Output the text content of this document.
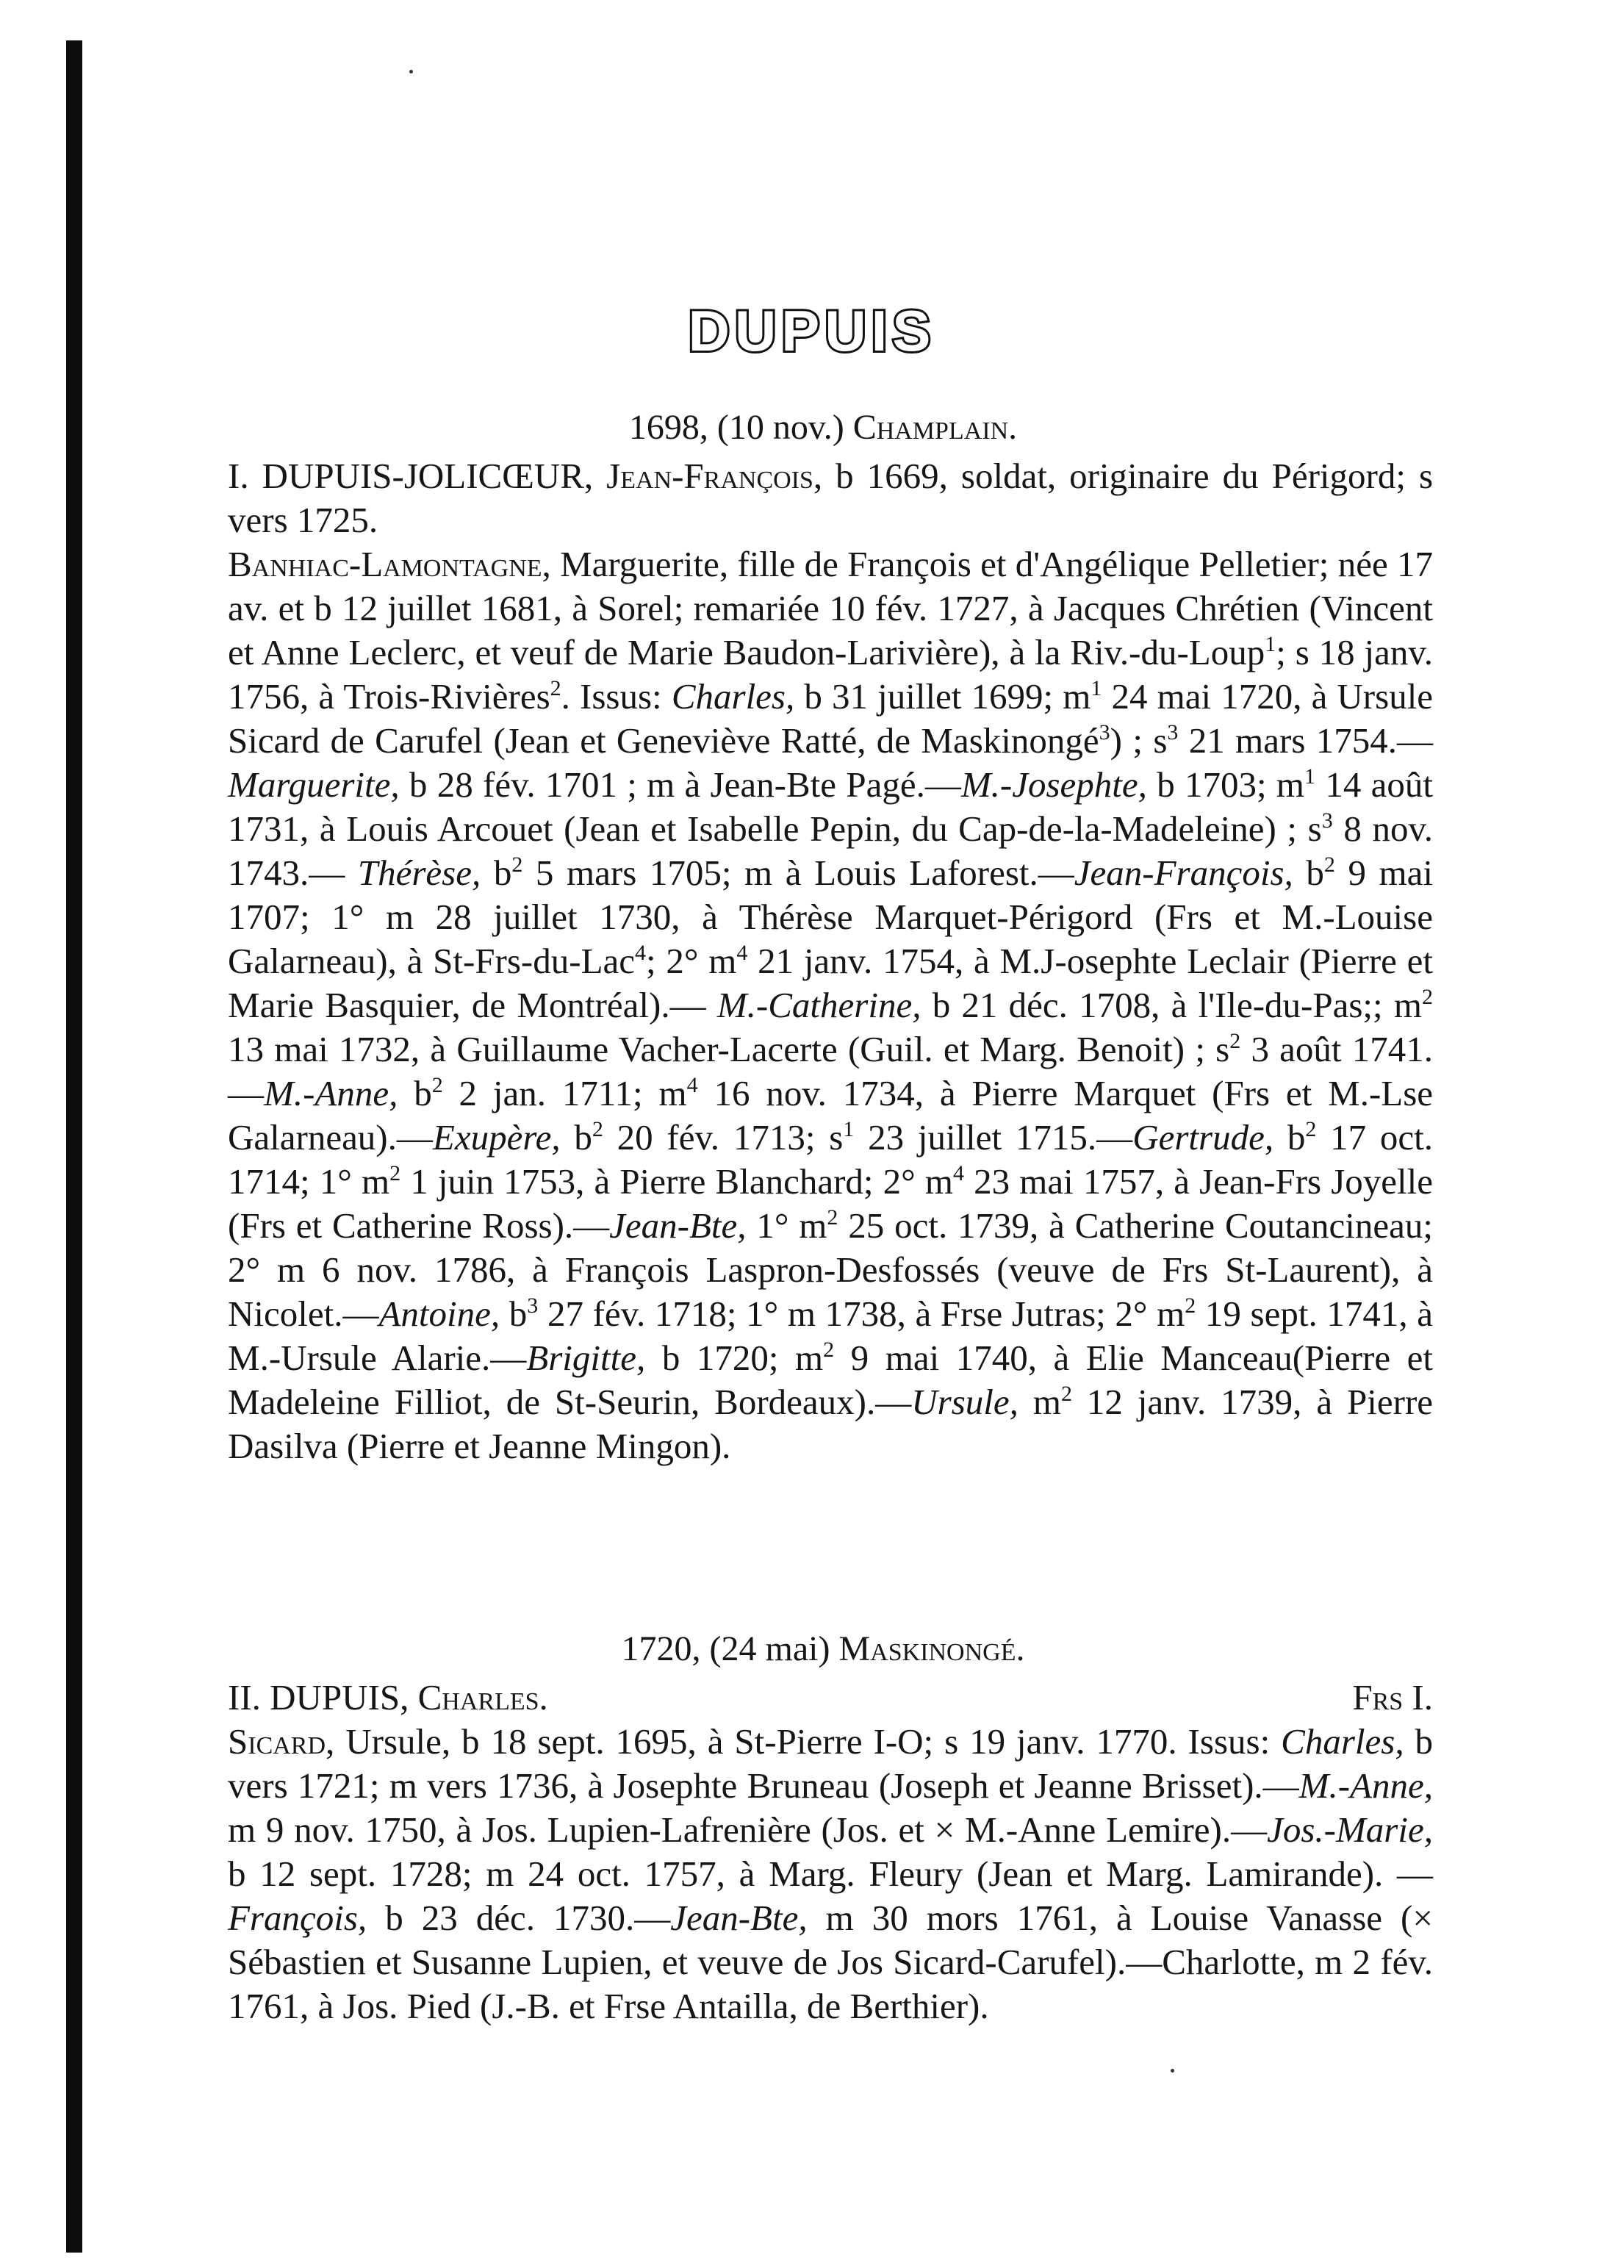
DUPUIS
1698, (10 nov.) Champlain.
I. DUPUIS-JOLICŒUR, Jean-François, b 1669, soldat, originaire du Périgord; s vers 1725.
Banhiac-Lamontagne, Marguerite, fille de François et d'Angélique Pelletier; née 17 av. et b 12 juillet 1681, à Sorel; remariée 10 fév. 1727, à Jacques Chrétien (Vincent et Anne Leclerc, et veuf de Marie Baudon-Larivière), à la Riv.-du-Loup$^1$; s 18 janv. 1756, à Trois-Rivières$^2$. Issus: Charles, b 31 juillet 1699; $m^1$ 24 mai 1720, à Ursule Sicard de Carufel (Jean et Geneviève Ratté, de Maskinongé$^3$) ; $s^3$ 21 mars 1754.—Marguerite, b 28 fév. 1701 ; m à Jean-Bte Pagé.—M.-Josephte, b 1703; $m^1$ 14 août 1731, à Louis Arcouet (Jean et Isabelle Pepin, du Cap-de-la-Madeleine) ; $s^3$ 8 nov. 1743.— Thérèse, $b^2$ 5 mars 1705; m à Louis Laforest.—Jean-François, $b^2$ 9 mai 1707; 1° m 28 juillet 1730, à Thérèse Marquet-Périgord (Frs et M.-Louise Galarneau), à St-Frs-du-Lac$^4$; 2° $m^4$ 21 janv. 1754, à M.J-osephte Leclair (Pierre et Marie Basquier, de Montréal).— M.-Catherine, b 21 déc. 1708, à l'Ile-du-Pas;; $m^2$ 13 mai 1732, à Guillaume Vacher-Lacerte (Guil. et Marg. Benoit) ; $s^2$ 3 août 1741. —M.-Anne, $b^2$ 2 jan. 1711; $m^4$ 16 nov. 1734, à Pierre Marquet (Frs et M.-Lse Galarneau).—Exupère, $b^2$ 20 fév. 1713; $s^1$ 23 juillet 1715.—Gertrude, $b^2$ 17 oct. 1714; 1° $m^2$ 1 juin 1753, à Pierre Blanchard; 2° $m^4$ 23 mai 1757, à Jean-Frs Joyelle (Frs et Catherine Ross).—Jean-Bte, 1° $m^2$ 25 oct. 1739, à Catherine Coutancineau; 2° m 6 nov. 1786, à François Laspron-Desfossés (veuve de Frs St-Laurent), à Nicolet.—Antoine, $b^3$ 27 fév. 1718; 1° m 1738, à Frse Jutras; 2° $m^2$ 19 sept. 1741, à M.-Ursule Alarie.—Brigitte, b 1720; $m^2$ 9 mai 1740, à Elie Manceau(Pierre et Madeleine Filliot, de St-Seurin, Bordeaux).—Ursule, $m^2$ 12 janv. 1739, à Pierre Dasilva (Pierre et Jeanne Mingon).
1720, (24 mai) Maskinongé.
II. DUPUIS, Charles.	Frs I.
Sicard, Ursule, b 18 sept. 1695, à St-Pierre I-O; s 19 janv. 1770. Issus: Charles, b vers 1721; m vers 1736, à Josephte Bruneau (Joseph et Jeanne Brisset).—M.-Anne, m 9 nov. 1750, à Jos. Lupien-Lafrenière (Jos. et × M.-Anne Lemire).—Jos.-Marie, b 12 sept. 1728; m 24 oct. 1757, à Marg. Fleury (Jean et Marg. Lamirande). — François, b 23 déc. 1730.—Jean-Bte, m 30 mors 1761, à Louise Vanasse (× Sébastien et Susanne Lupien, et veuve de Jos Sicard-Carufel).—Charlotte, m 2 fév. 1761, à Jos. Pied (J.-B. et Frse Antailla, de Berthier).
